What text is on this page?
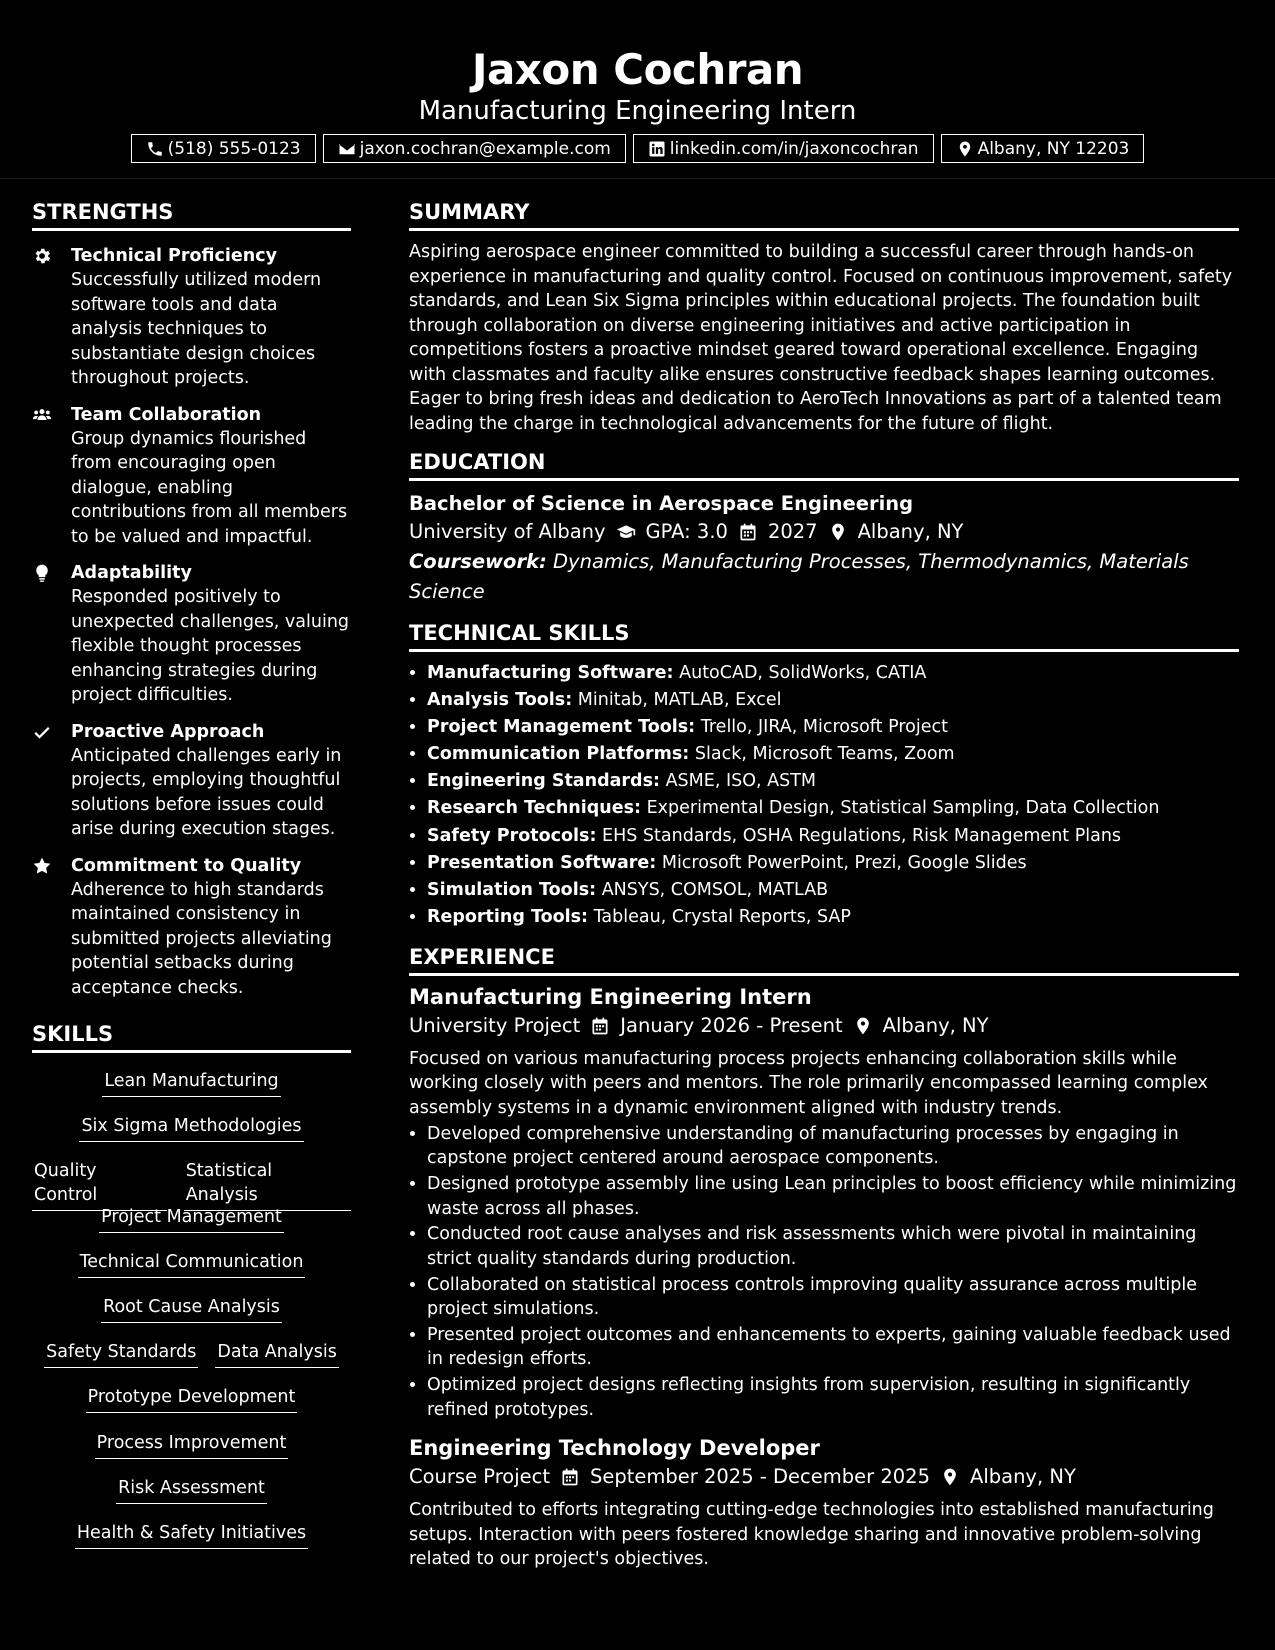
Jaxon Cochran
Manufacturing Engineering Intern
(518) 555-0123	jaxon.cochran@example.com	linkedin.com/in/jaxoncochran	Albany, NY 12203
STRENGTHS
Technical Proficiency
Successfully utilized modern software tools and data analysis techniques to substantiate design choices throughout projects.
Team Collaboration
Group dynamics flourished from encouraging open dialogue, enabling contributions from all members to be valued and impactful.
Adaptability
Responded positively to unexpected challenges, valuing flexible thought processes enhancing strategies during project difficulties.
Proactive Approach
Anticipated challenges early in projects, employing thoughtful solutions before issues could arise during execution stages.
Commitment to Quality
Adherence to high standards maintained consistency in submitted projects alleviating potential setbacks during acceptance checks.
SKILLS
Lean Manufacturing
Six Sigma Methodologies
Quality Control
Statistical Analysis
Project Management
Technical Communication
Root Cause Analysis
Safety Standards Data Analysis
Prototype Development
Process Improvement
Risk Assessment
Health & Safety Initiatives
SUMMARY
Aspiring aerospace engineer committed to building a successful career through hands-on experience in manufacturing and quality control. Focused on continuous improvement, safety standards, and Lean Six Sigma principles within educational projects. The foundation built through collaboration on diverse engineering initiatives and active participation in competitions fosters a proactive mindset geared toward operational excellence. Engaging with classmates and faculty alike ensures constructive feedback shapes learning outcomes. Eager to bring fresh ideas and dedication to AeroTech Innovations as part of a talented team leading the charge in technological advancements for the future of flight.
EDUCATION
Bachelor of Science in Aerospace Engineering
University of Albany GPA: 3.0 2027 Albany, NY
Coursework: Dynamics, Manufacturing Processes, Thermodynamics, Materials Science
TECHNICAL SKILLS
• Manufacturing Software: AutoCAD, SolidWorks, CATIA
• Analysis Tools: Minitab, MATLAB, Excel
• Project Management Tools: Trello, JIRA, Microsoft Project
• Communication Platforms: Slack, Microsoft Teams, Zoom
• Engineering Standards: ASME, ISO, ASTM
• Research Techniques: Experimental Design, Statistical Sampling, Data Collection
• Safety Protocols: EHS Standards, OSHA Regulations, Risk Management Plans
• Presentation Software: Microsoft PowerPoint, Prezi, Google Slides
• Simulation Tools: ANSYS, COMSOL, MATLAB
• Reporting Tools: Tableau, Crystal Reports, SAP
EXPERIENCE
Manufacturing Engineering Intern
University Project January 2026 - Present Albany, NY
Focused on various manufacturing process projects enhancing collaboration skills while working closely with peers and mentors. The role primarily encompassed learning complex assembly systems in a dynamic environment aligned with industry trends.
• Developed comprehensive understanding of manufacturing processes by engaging in capstone project centered around aerospace components.
• Designed prototype assembly line using Lean principles to boost efficiency while minimizing waste across all phases.
• Conducted root cause analyses and risk assessments which were pivotal in maintaining strict quality standards during production.
• Collaborated on statistical process controls improving quality assurance across multiple project simulations.
• Presented project outcomes and enhancements to experts, gaining valuable feedback used in redesign efforts.
• Optimized project designs reflecting insights from supervision, resulting in significantly refined prototypes.
Engineering Technology Developer
Course Project September 2025 - December 2025 Albany, NY
Contributed to efforts integrating cutting-edge technologies into established manufacturing setups. Interaction with peers fostered knowledge sharing and innovative problem-solving related to our project's objectives.
